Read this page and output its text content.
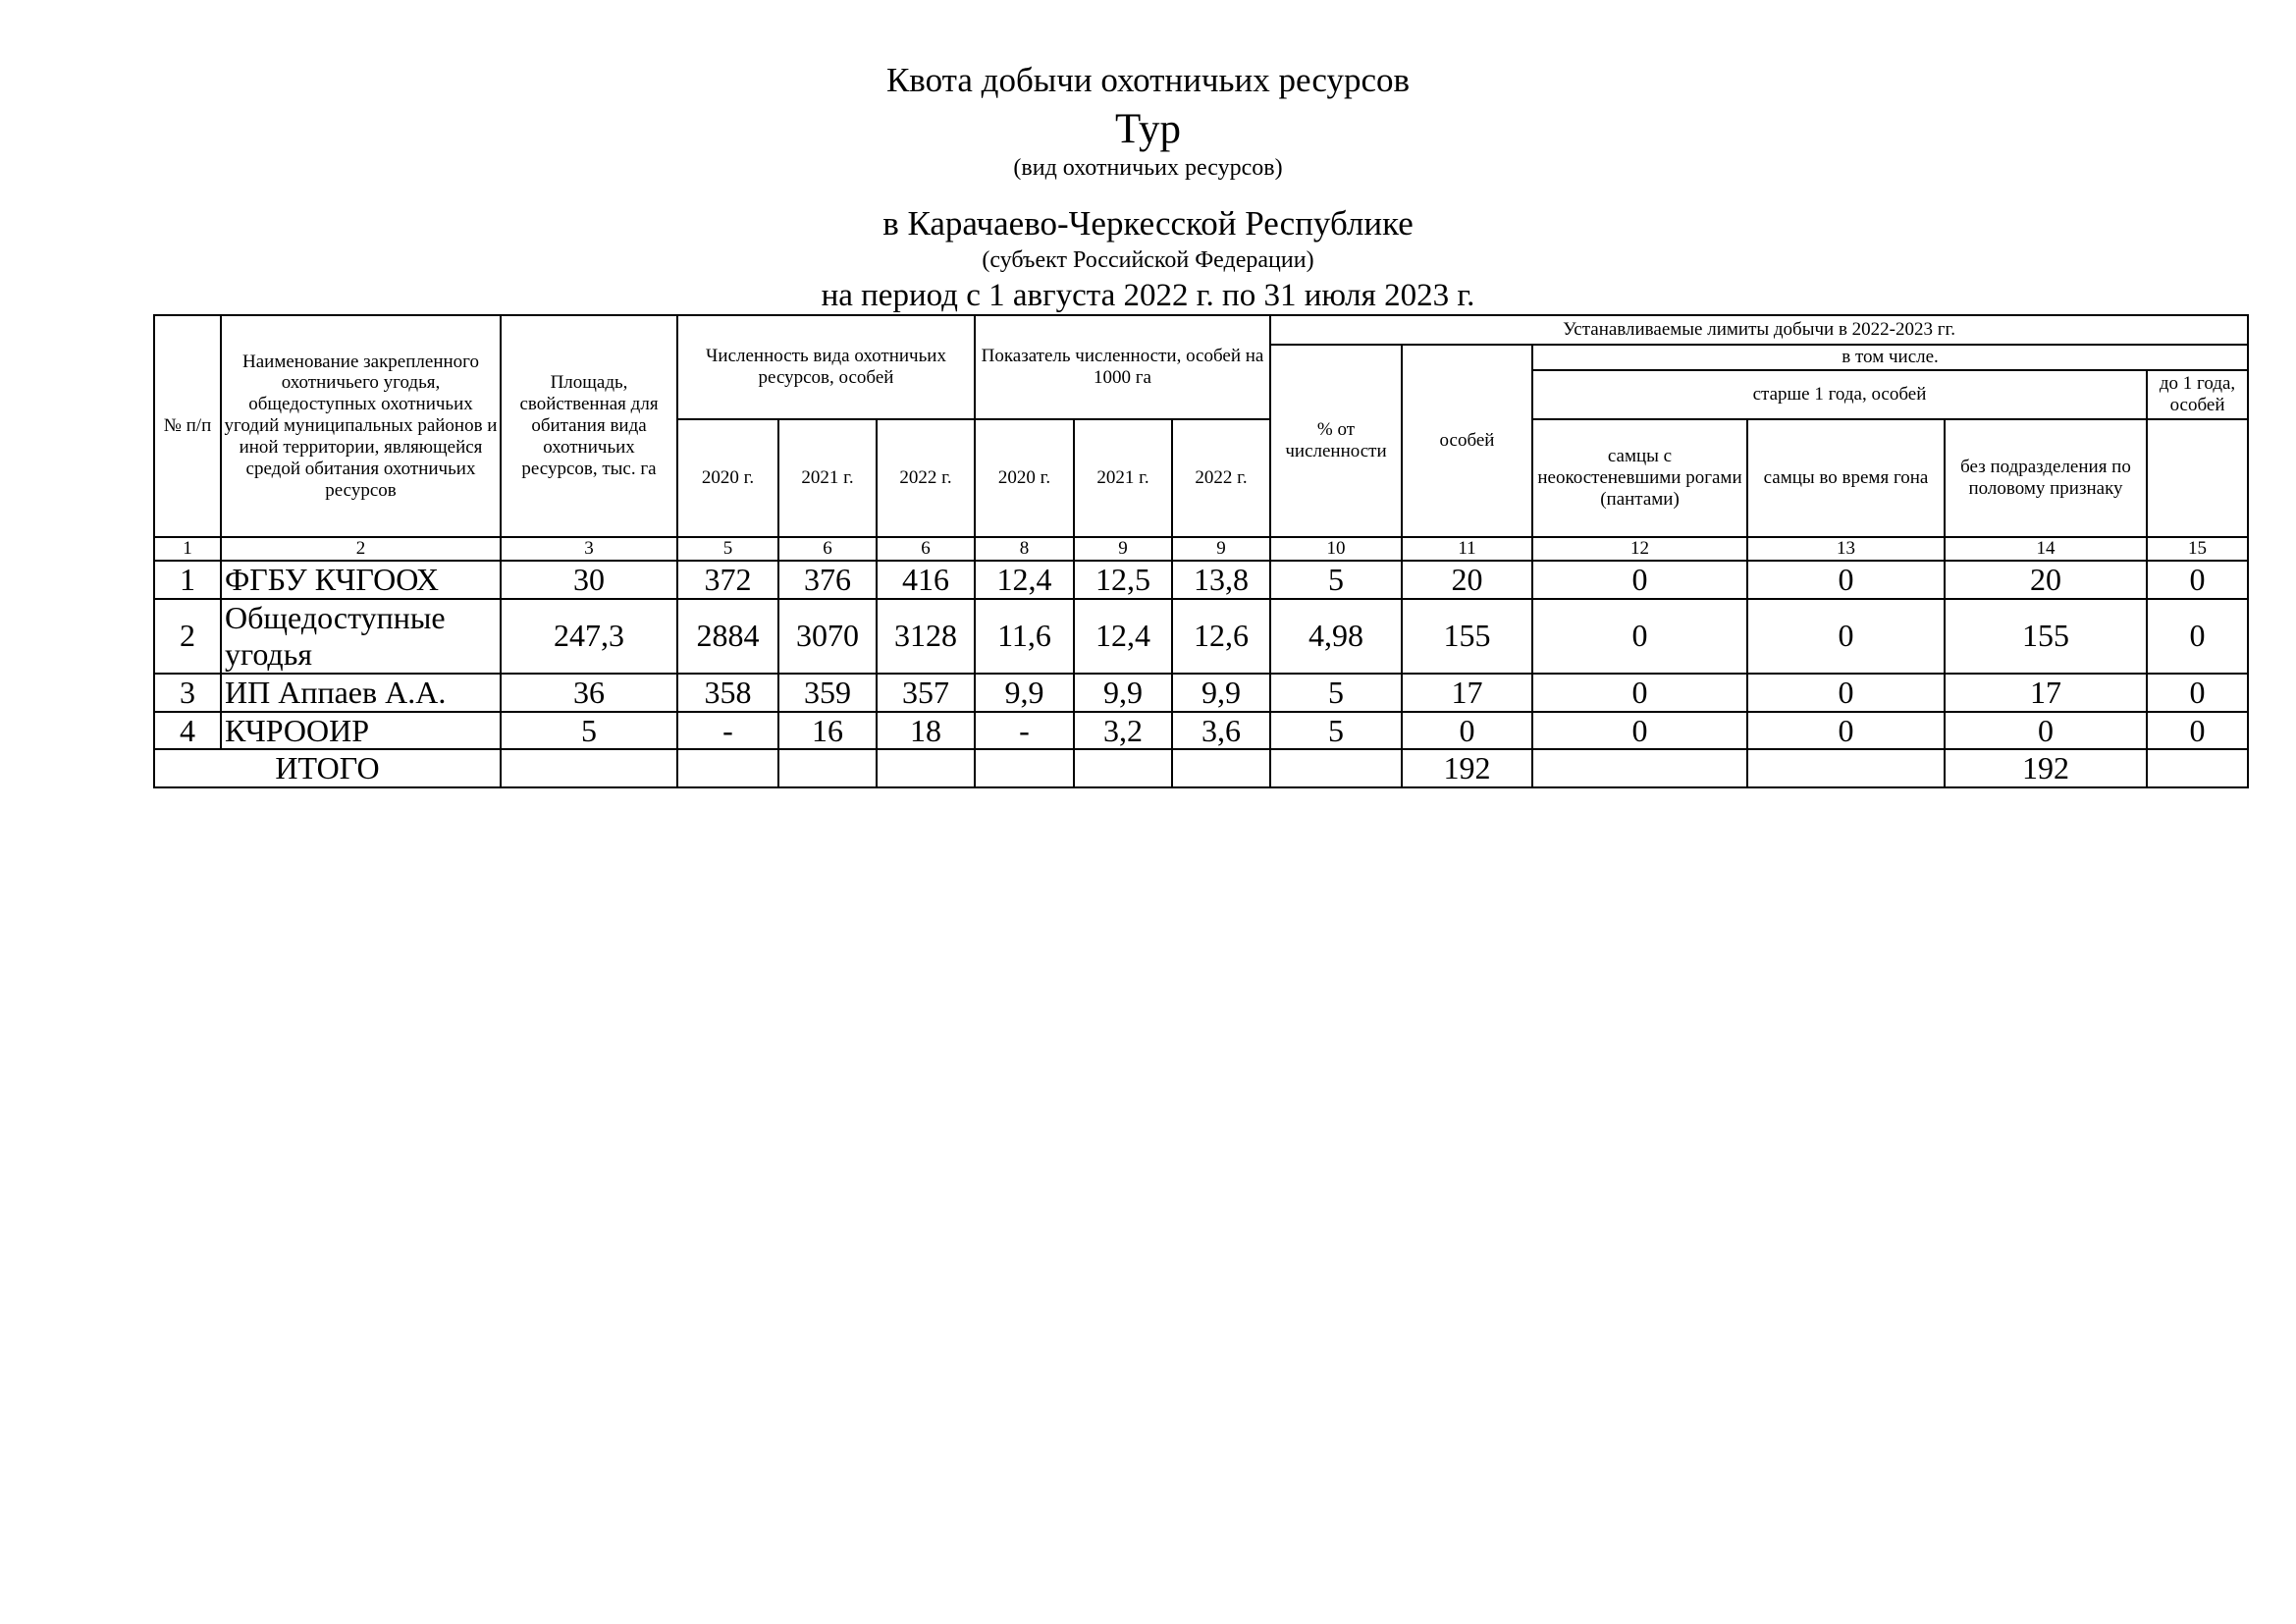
Квота добычи охотничьих ресурсов
Тур
(вид охотничьих ресурсов)
в Карачаево-Черкесской Республике
(субъект Российской Федерации)
на период с 1 августа 2022 г. по 31 июля 2023 г.
№ п/п	Наименование закрепленного охотничьего угодья, общедоступных охотничьих угодий муниципальных районов и иной территории, являющейся средой обитания охотничьих ресурсов	Площадь, свойственная для обитания вида охотничьих ресурсов, тыс. га	Численность вида охотничьих ресурсов, особей			Показатель численности, особей на 1000 га			Устанавливаемые лимиты добычи в 2022-2023 гг.					
									% от численности	особей	в том числе.			
											старше 1 года, особей			до 1 года, особей
			2020 г.	2021 г.	2022 г.	2020 г.	2021 г.	2022 г.			самцы с неокостеневшими рогами (пантами)	самцы во время гона	без подразделения по половому признаку	

1	2	3	5	6	6	8	9	9	10	11	12	13	14	15
1	ФГБУ КЧГООХ	30	372	376	416	12,4	12,5	13,8	5	20	0	0	20	0
2	Общедоступные угодья	247,3	2884	3070	3128	11,6	12,4	12,6	4,98	155	0	0	155	0
3	ИП Аппаев А.А.	36	358	359	357	9,9	9,9	9,9	5	17	0	0	17	0
4	КЧРООИР	5	-	16	18	-	3,2	3,6	5	0	0	0	0	0
ИТОГО										192			192	
